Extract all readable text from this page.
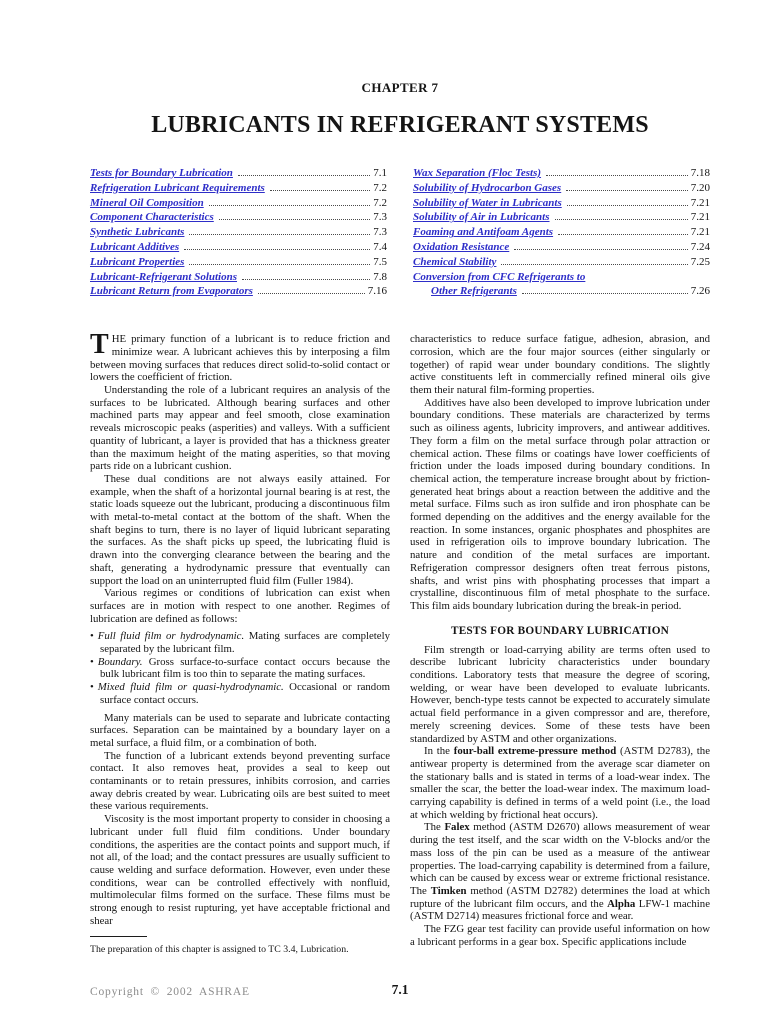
CHAPTER 7
LUBRICANTS IN REFRIGERANT SYSTEMS
Tests for Boundary Lubrication	7.1
Refrigeration Lubricant Requirements	7.2
Mineral Oil Composition	7.2
Component Characteristics	7.3
Synthetic Lubricants	7.3
Lubricant Additives	7.4
Lubricant Properties	7.5
Lubricant-Refrigerant Solutions	7.8
Lubricant Return from Evaporators	7.16
Wax Separation (Floc Tests)	7.18
Solubility of Hydrocarbon Gases	7.20
Solubility of Water in Lubricants	7.21
Solubility of Air in Lubricants	7.21
Foaming and Antifoam Agents	7.21
Oxidation Resistance	7.24
Chemical Stability	7.25
Conversion from CFC Refrigerants to
Other Refrigerants	7.26

THE primary function of a lubricant is to reduce friction and minimize wear. A lubricant achieves this by interposing a film between moving surfaces that reduces direct solid-to-solid contact or lowers the coefficient of friction.

Understanding the role of a lubricant requires an analysis of the surfaces to be lubricated. Although bearing surfaces and other machined parts may appear and feel smooth, close examination reveals microscopic peaks (asperities) and valleys. With a sufficient quantity of lubricant, a layer is provided that has a thickness greater than the maximum height of the mating asperities, so that moving parts ride on a lubricant cushion.

These dual conditions are not always easily attained. For example, when the shaft of a horizontal journal bearing is at rest, the static loads squeeze out the lubricant, producing a discontinuous film with metal-to-metal contact at the bottom of the shaft. When the shaft begins to turn, there is no layer of liquid lubricant separating the surfaces. As the shaft picks up speed, the lubricating fluid is drawn into the converging clearance between the bearing and the shaft, generating a hydrodynamic pressure that eventually can support the load on an uninterrupted fluid film (Fuller 1984).

Various regimes or conditions of lubrication can exist when surfaces are in motion with respect to one another. Regimes of lubrication are defined as follows:

• Full fluid film or hydrodynamic. Mating surfaces are completely separated by the lubricant film.

• Boundary. Gross surface-to-surface contact occurs because the bulk lubricant film is too thin to separate the mating surfaces.

• Mixed fluid film or quasi-hydrodynamic. Occasional or random surface contact occurs.

Many materials can be used to separate and lubricate contacting surfaces. Separation can be maintained by a boundary layer on a metal surface, a fluid film, or a combination of both.

The function of a lubricant extends beyond preventing surface contact. It also removes heat, provides a seal to keep out contaminants or to retain pressures, inhibits corrosion, and carries away debris created by wear. Lubricating oils are best suited to meet these various requirements.

Viscosity is the most important property to consider in choosing a lubricant under full fluid film conditions. Under boundary conditions, the asperities are the contact points and support much, if not all, of the load; and the contact pressures are usually sufficient to cause welding and surface deformation. However, even under these conditions, wear can be controlled effectively with nonfluid, multimolecular films formed on the surface. These films must be strong enough to resist rupturing, yet have acceptable frictional and shear

characteristics to reduce surface fatigue, adhesion, abrasion, and corrosion, which are the four major sources (either singularly or together) of rapid wear under boundary conditions. The slightly active constituents left in commercially refined mineral oils give them their natural film-forming properties.

Additives have also been developed to improve lubrication under boundary conditions. These materials are characterized by terms such as oiliness agents, lubricity improvers, and antiwear additives. They form a film on the metal surface through polar attraction or chemical action. These films or coatings have lower coefficients of friction under the loads imposed during boundary conditions. In chemical action, the temperature increase brought about by friction-generated heat brings about a reaction between the additive and the metal surface. Films such as iron sulfide and iron phosphate can be formed depending on the additives and the energy available for the reaction. In some instances, organic phosphates and phosphites are used in refrigeration oils to improve boundary lubrication. The nature and condition of the metal surfaces are important. Refrigeration compressor designers often treat ferrous pistons, shafts, and wrist pins with phosphating processes that impart a crystalline, discontinuous film of metal phosphate to the surface. This film aids boundary lubrication during the break-in period.

TESTS FOR BOUNDARY LUBRICATION

Film strength or load-carrying ability are terms often used to describe lubricant lubricity characteristics under boundary conditions. Laboratory tests that measure the degree of scoring, welding, or wear have been developed to evaluate lubricants. However, bench-type tests cannot be expected to accurately simulate actual field performance in a given compressor and are, therefore, merely screening devices. Some of these tests have been standardized by ASTM and other organizations.

In the four-ball extreme-pressure method (ASTM D2783), the antiwear property is determined from the average scar diameter on the stationary balls and is stated in terms of a load-wear index. The smaller the scar, the better the load-wear index. The maximum load-carrying capability is defined in terms of a weld point (i.e., the load at which welding by frictional heat occurs).

The Falex method (ASTM D2670) allows measurement of wear during the test itself, and the scar width on the V-blocks and/or the mass loss of the pin can be used as a measure of the antiwear properties. The load-carrying capability is determined from a failure, which can be caused by excess wear or extreme frictional resistance. The Timken method (ASTM D2782) determines the load at which rupture of the lubricant film occurs, and the Alpha LFW-1 machine (ASTM D2714) measures frictional force and wear.

The FZG gear test facility can provide useful information on how a lubricant performs in a gear box. Specific applications include

The preparation of this chapter is assigned to TC 3.4, Lubrication.
Copyright © 2002 ASHRAE	7.1
